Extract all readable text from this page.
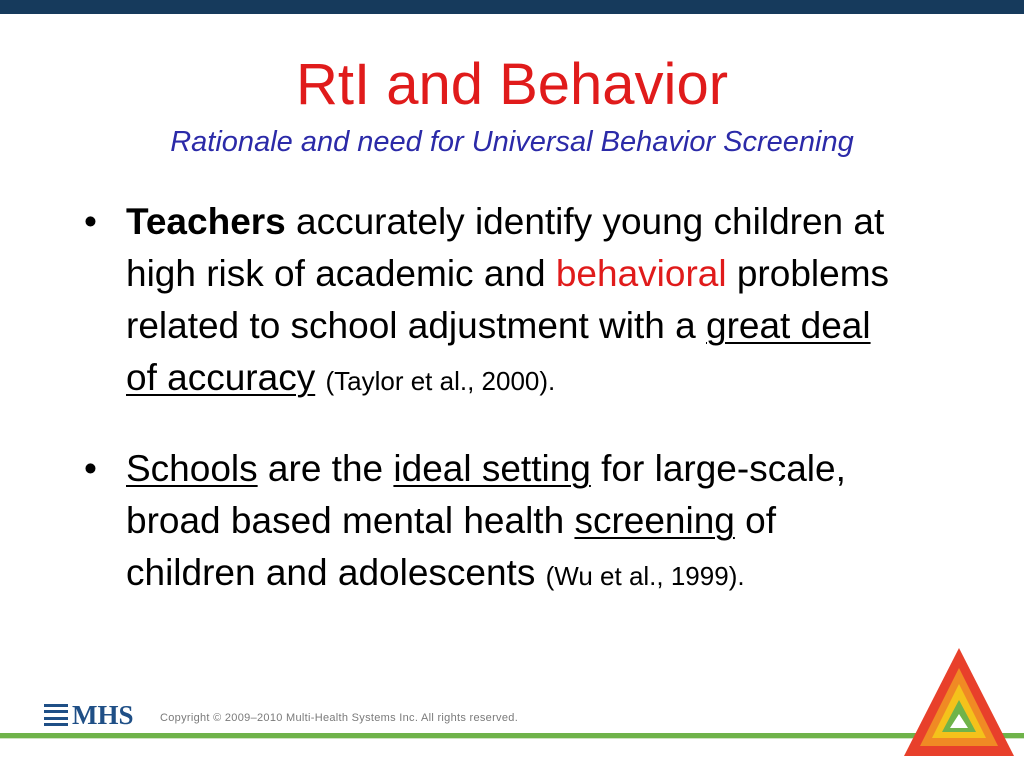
RtI and Behavior
Rationale and need for Universal Behavior Screening
• Teachers accurately identify young children at high risk of academic and behavioral problems related to school adjustment with a great deal of accuracy (Taylor et al., 2000).
• Schools are the ideal setting for large-scale, broad based mental health screening of children and adolescents (Wu et al., 1999).
MHS Copyright © 2009–2010 Multi-Health Systems Inc. All rights reserved.
